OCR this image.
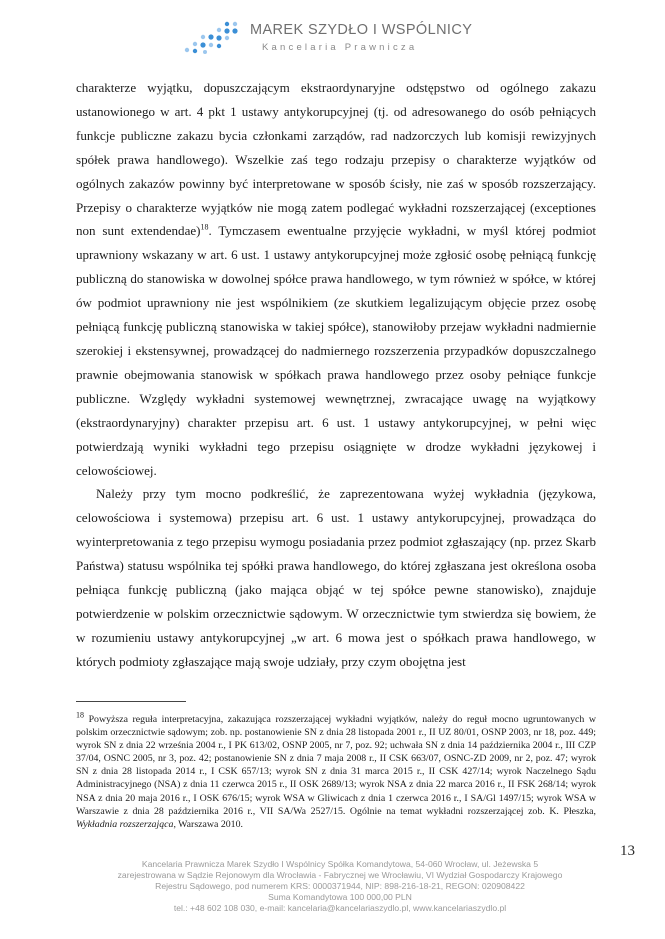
MAREK SZYDŁO I WSPÓLNICY
Kancelaria Prawnicza

charakterze wyjątku, dopuszczającym ekstraordynaryjne odstępstwo od ogólnego zakazu ustanowionego w art. 4 pkt 1 ustawy antykorupcyjnej (tj. od adresowanego do osób pełniących funkcje publiczne zakazu bycia członkami zarządów, rad nadzorczych lub komisji rewizyjnych spółek prawa handlowego). Wszelkie zaś tego rodzaju przepisy o charakterze wyjątków od ogólnych zakazów powinny być interpretowane w sposób ścisły, nie zaś w sposób rozszerzający. Przepisy o charakterze wyjątków nie mogą zatem podlegać wykładni rozszerzającej (exceptiones non sunt extendendae)$^{18}$. Tymczasem ewentualne przyjęcie wykładni, w myśl której podmiot uprawniony wskazany w art. 6 ust. 1 ustawy antykorupcyjnej może zgłosić osobę pełniącą funkcję publiczną do stanowiska w dowolnej spółce prawa handlowego, w tym również w spółce, w której ów podmiot uprawniony nie jest wspólnikiem (ze skutkiem legalizującym objęcie przez osobę pełniącą funkcję publiczną stanowiska w takiej spółce), stanowiłoby przejaw wykładni nadmiernie szerokiej i ekstensywnej, prowadzącej do nadmiernego rozszerzenia przypadków dopuszczalnego prawnie obejmowania stanowisk w spółkach prawa handlowego przez osoby pełniące funkcje publiczne. Względy wykładni systemowej wewnętrznej, zwracające uwagę na wyjątkowy (ekstraordynaryjny) charakter przepisu art. 6 ust. 1 ustawy antykorupcyjnej, w pełni więc potwierdzają wyniki wykładni tego przepisu osiągnięte w drodze wykładni językowej i celowościowej.

Należy przy tym mocno podkreślić, że zaprezentowana wyżej wykładnia (językowa, celowościowa i systemowa) przepisu art. 6 ust. 1 ustawy antykorupcyjnej, prowadząca do wyinterpretowania z tego przepisu wymogu posiadania przez podmiot zgłaszający (np. przez Skarb Państwa) statusu wspólnika tej spółki prawa handlowego, do której zgłaszana jest określona osoba pełniąca funkcję publiczną (jako mająca objąć w tej spółce pewne stanowisko), znajduje potwierdzenie w polskim orzecznictwie sądowym. W orzecznictwie tym stwierdza się bowiem, że w rozumieniu ustawy antykorupcyjnej „w art. 6 mowa jest o spółkach prawa handlowego, w których podmioty zgłaszające mają swoje udziały, przy czym obojętna jest

$^{18}$ Powyższa reguła interpretacyjna, zakazująca rozszerzającej wykładni wyjątków, należy do reguł mocno ugruntowanych w polskim orzecznictwie sądowym; zob. np. postanowienie SN z dnia 28 listopada 2001 r., II UZ 80/01, OSNP 2003, nr 18, poz. 449; wyrok SN z dnia 22 września 2004 r., I PK 613/02, OSNP 2005, nr 7, poz. 92; uchwała SN z dnia 14 października 2004 r., III CZP 37/04, OSNC 2005, nr 3, poz. 42; postanowienie SN z dnia 7 maja 2008 r., II CSK 663/07, OSNC-ZD 2009, nr 2, poz. 47; wyrok SN z dnia 28 listopada 2014 r., I CSK 657/13; wyrok SN z dnia 31 marca 2015 r., II CSK 427/14; wyrok Naczelnego Sądu Administracyjnego (NSA) z dnia 11 czerwca 2015 r., II OSK 2689/13; wyrok NSA z dnia 22 marca 2016 r., II FSK 268/14; wyrok NSA z dnia 20 maja 2016 r., I OSK 676/15; wyrok WSA w Gliwicach z dnia 1 czerwca 2016 r., I SA/Gl 1497/15; wyrok WSA w Warszawie z dnia 28 października 2016 r., VII SA/Wa 2527/15. Ogólnie na temat wykładni rozszerzającej zob. K. Płeszka, Wykładnia rozszerzająca, Warszawa 2010.
13
Kancelaria Prawnicza Marek Szydło I Wspólnicy Spółka Komandytowa, 54-060 Wrocław, ul. Jeżewska 5
zarejestrowana w Sądzie Rejonowym dla Wrocławia - Fabrycznej we Wrocławiu, VI Wydział Gospodarczy Krajowego
Rejestru Sądowego, pod numerem KRS: 0000371944, NIP: 898-216-18-21, REGON: 020908422
Suma Komandytowa 100 000,00 PLN
tel.: +48 602 108 030, e-mail: kancelaria@kancelariaszydlo.pl, www.kancelariaszydlo.pl
